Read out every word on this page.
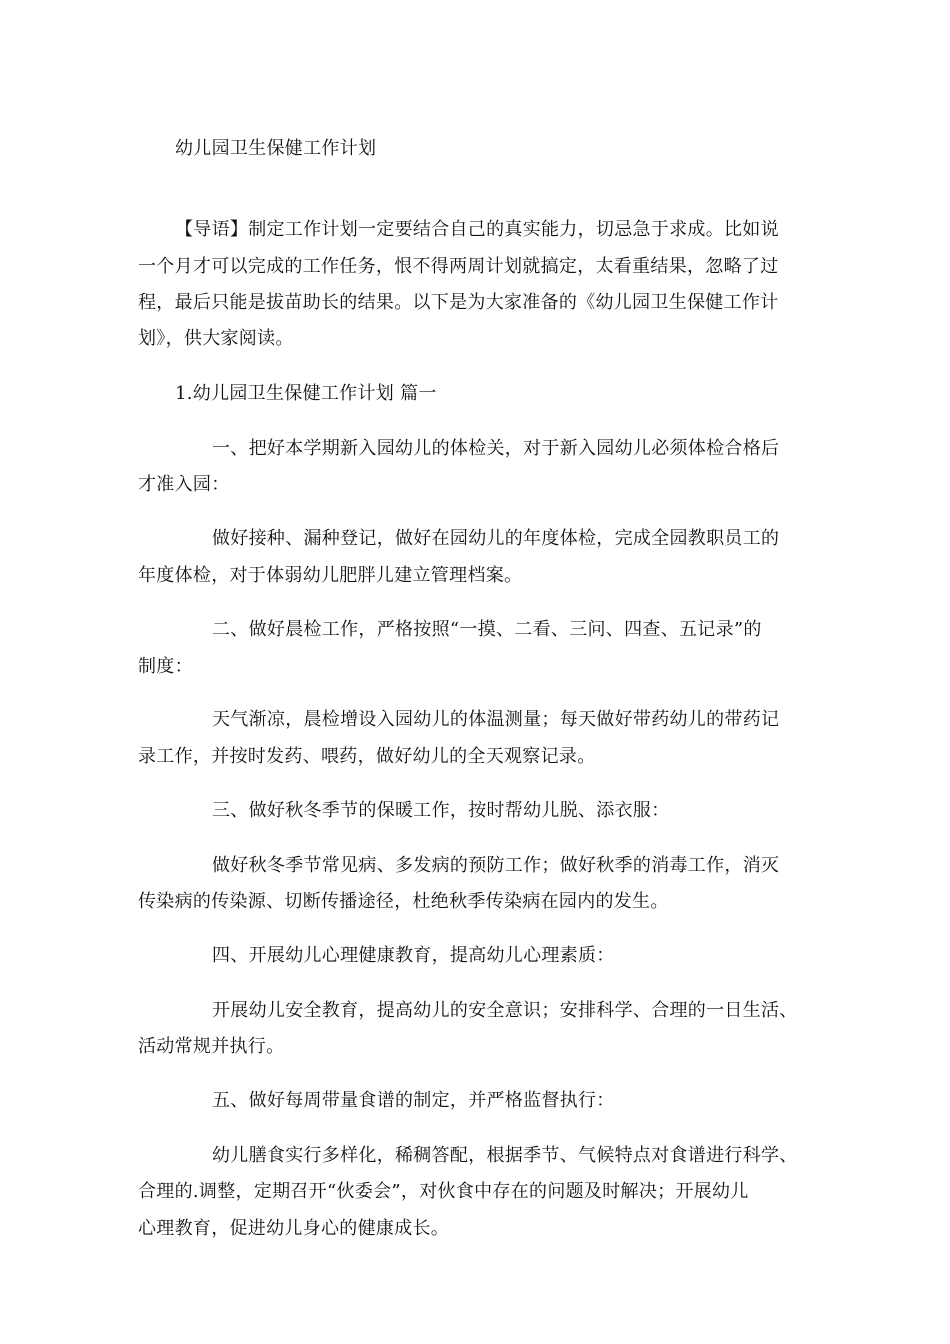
幼儿园卫生保健工作计划
【导语】制定工作计划一定要结合自己的真实能力，切忌急于求成。比如说
一个月才可以完成的工作任务，恨不得两周计划就搞定，太看重结果，忽略了过
程，最后只能是拔苗助长的结果。以下是为大家准备的《幼儿园卫生保健工作计
划》，供大家阅读。
1.幼儿园卫生保健工作计划 篇一
一、把好本学期新入园幼儿的体检关，对于新入园幼儿必须体检合格后
才准入园：
做好接种、漏种登记，做好在园幼儿的年度体检，完成全园教职员工的
年度体检，对于体弱幼儿肥胖儿建立管理档案。
二、做好晨检工作，严格按照“一摸、二看、三问、四查、五记录”的
制度：
天气渐凉，晨检增设入园幼儿的体温测量；每天做好带药幼儿的带药记
录工作，并按时发药、喂药，做好幼儿的全天观察记录。
三、做好秋冬季节的保暖工作，按时帮幼儿脱、添衣服：
做好秋冬季节常见病、多发病的预防工作；做好秋季的消毒工作，消灭
传染病的传染源、切断传播途径，杜绝秋季传染病在园内的发生。
四、开展幼儿心理健康教育，提高幼儿心理素质：
开展幼儿安全教育，提高幼儿的安全意识；安排科学、合理的一日生活、
活动常规并执行。
五、做好每周带量食谱的制定，并严格监督执行：
幼儿膳食实行多样化，稀稠答配，根据季节、气候特点对食谱进行科学、
合理的.调整，定期召开“伙委会”，对伙食中存在的问题及时解决；开展幼儿
心理教育，促进幼儿身心的健康成长。
